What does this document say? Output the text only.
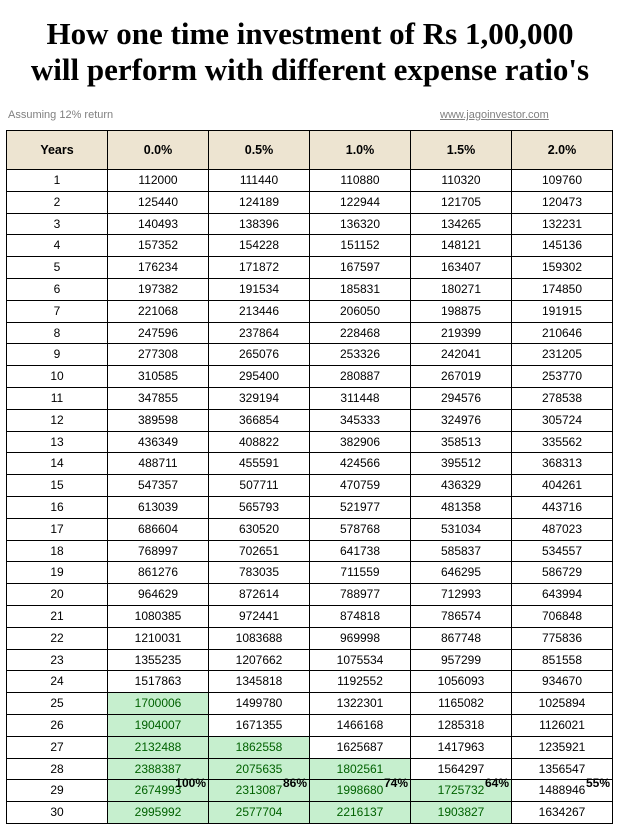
How one time investment of Rs 1,00,000
will perform with different expense ratio's
Assuming 12% return	www.jagoinvestor.com
Years	0.0%	0.5%	1.0%	1.5%	2.0%
1	112000	111440	110880	110320	109760
2	125440	124189	122944	121705	120473
3	140493	138396	136320	134265	132231
4	157352	154228	151152	148121	145136
5	176234	171872	167597	163407	159302
6	197382	191534	185831	180271	174850
7	221068	213446	206050	198875	191915
8	247596	237864	228468	219399	210646
9	277308	265076	253326	242041	231205
10	310585	295400	280887	267019	253770
11	347855	329194	311448	294576	278538
12	389598	366854	345333	324976	305724
13	436349	408822	382906	358513	335562
14	488711	455591	424566	395512	368313
15	547357	507711	470759	436329	404261
16	613039	565793	521977	481358	443716
17	686604	630520	578768	531034	487023
18	768997	702651	641738	585837	534557
19	861276	783035	711559	646295	586729
20	964629	872614	788977	712993	643994
21	1080385	972441	874818	786574	706848
22	1210031	1083688	969998	867748	775836
23	1355235	1207662	1075534	957299	851558
24	1517863	1345818	1192552	1056093	934670
25	1700006	1499780	1322301	1165082	1025894
26	1904007	1671355	1466168	1285318	1126021
27	2132488	1862558	1625687	1417963	1235921
28	2388387	2075635	1802561	1564297	1356547
29	2674993	2313087	1998680	1725732	1488946
30	2995992	2577704	2216137	1903827	1634267
100%	86%	74%	64%	55%
